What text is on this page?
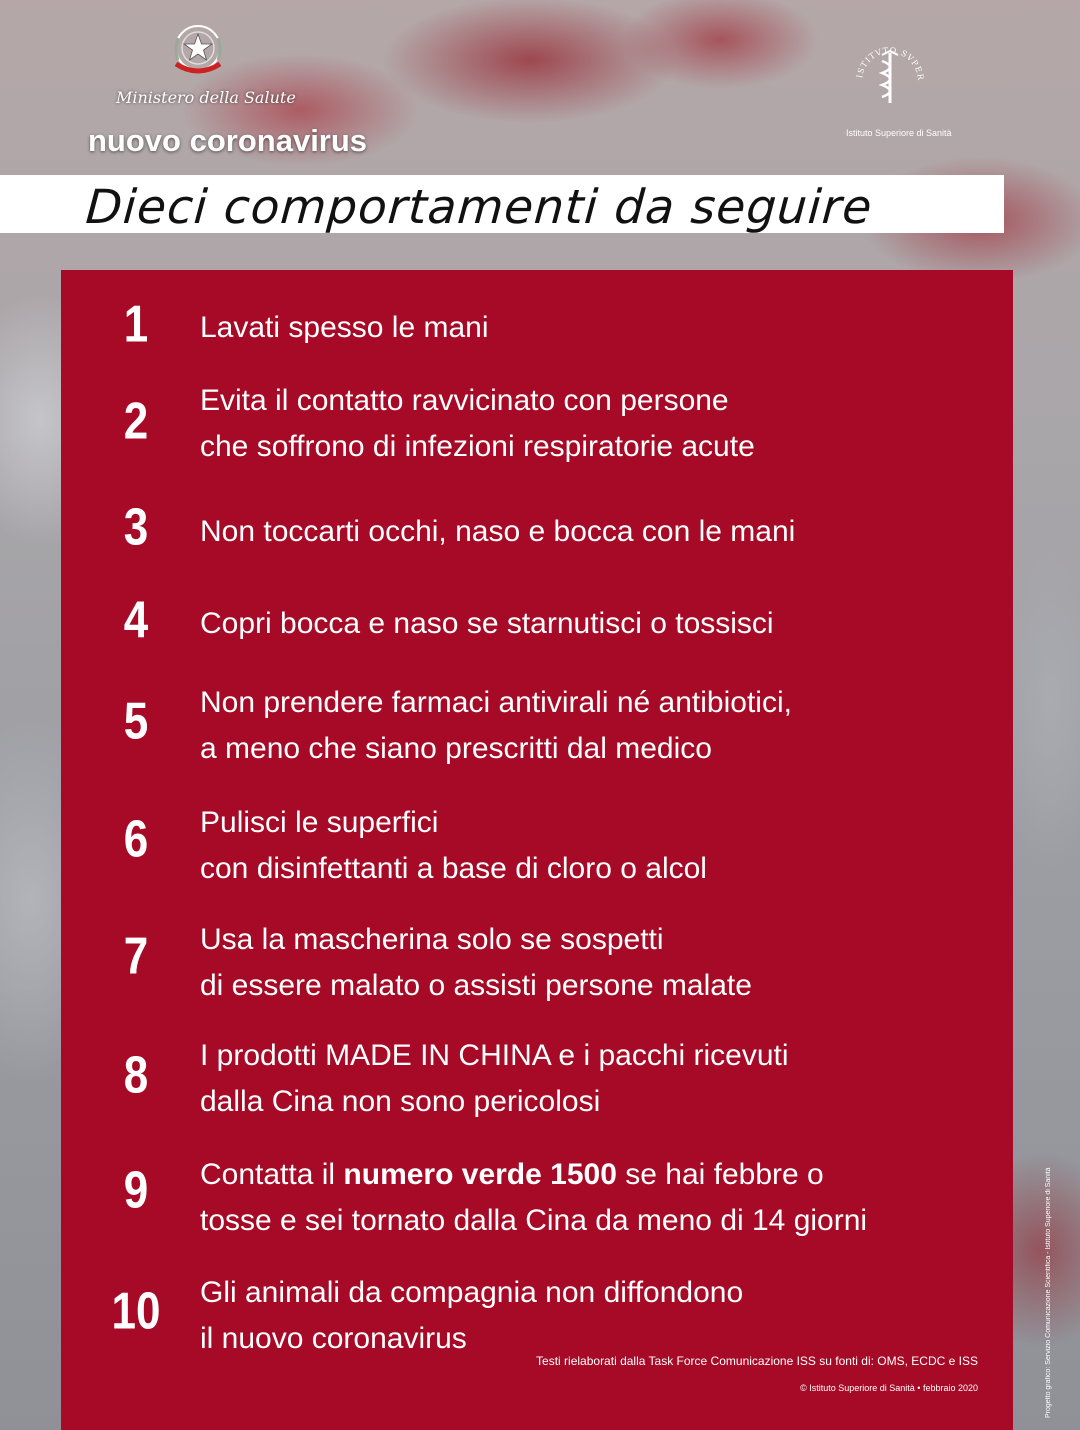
Ministero della Salute
nuovo coronavirus
ISTITVTO SVPER
Istituto Superiore di Sanità
Dieci comportamenti da seguire
1	Lavati spesso le mani
2	Evita il contatto ravvicinato con persone
che soffrono di infezioni respiratorie acute
3	Non toccarti occhi, naso e bocca con le mani
4	Copri bocca e naso se starnutisci o tossisci
5	Non prendere farmaci antivirali né antibiotici,
a meno che siano prescritti dal medico
6	Pulisci le superfici
con disinfettanti a base di cloro o alcol
7	Usa la mascherina solo se sospetti
di essere malato o assisti persone malate
8	I prodotti MADE IN CHINA e i pacchi ricevuti
dalla Cina non sono pericolosi
9	Contatta il numero verde 1500 se hai febbre o
tosse e sei tornato dalla Cina da meno di 14 giorni
10	Gli animali da compagnia non diffondono
il nuovo coronavirus
Testi rielaborati dalla Task Force Comunicazione ISS su fonti di: OMS, ECDC e ISS
© Istituto Superiore di Sanità • febbraio 2020	Progetto grafico: Servizio Comunicazione Scientifica - Istituto Superiore di Sanità
